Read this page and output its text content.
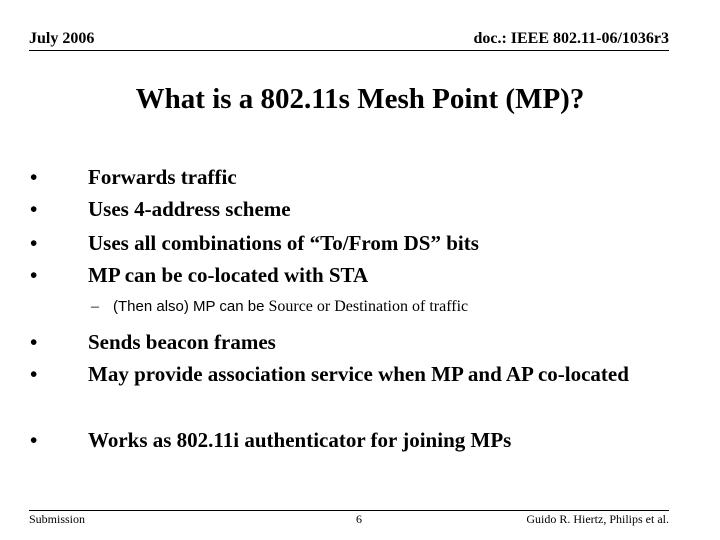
July 2006	doc.: IEEE 802.11-06/1036r3
What is a 802.11s Mesh Point (MP)?
• Forwards traffic
• Uses 4-address scheme
• Uses all combinations of “To/From DS” bits
• MP can be co-located with STA
– (Then also) MP can be Source or Destination of traffic
• Sends beacon frames
• May provide association service when MP and AP co-located
• Works as 802.11i authenticator for joining MPs
Submission	6	Guido R. Hiertz, Philips et al.
